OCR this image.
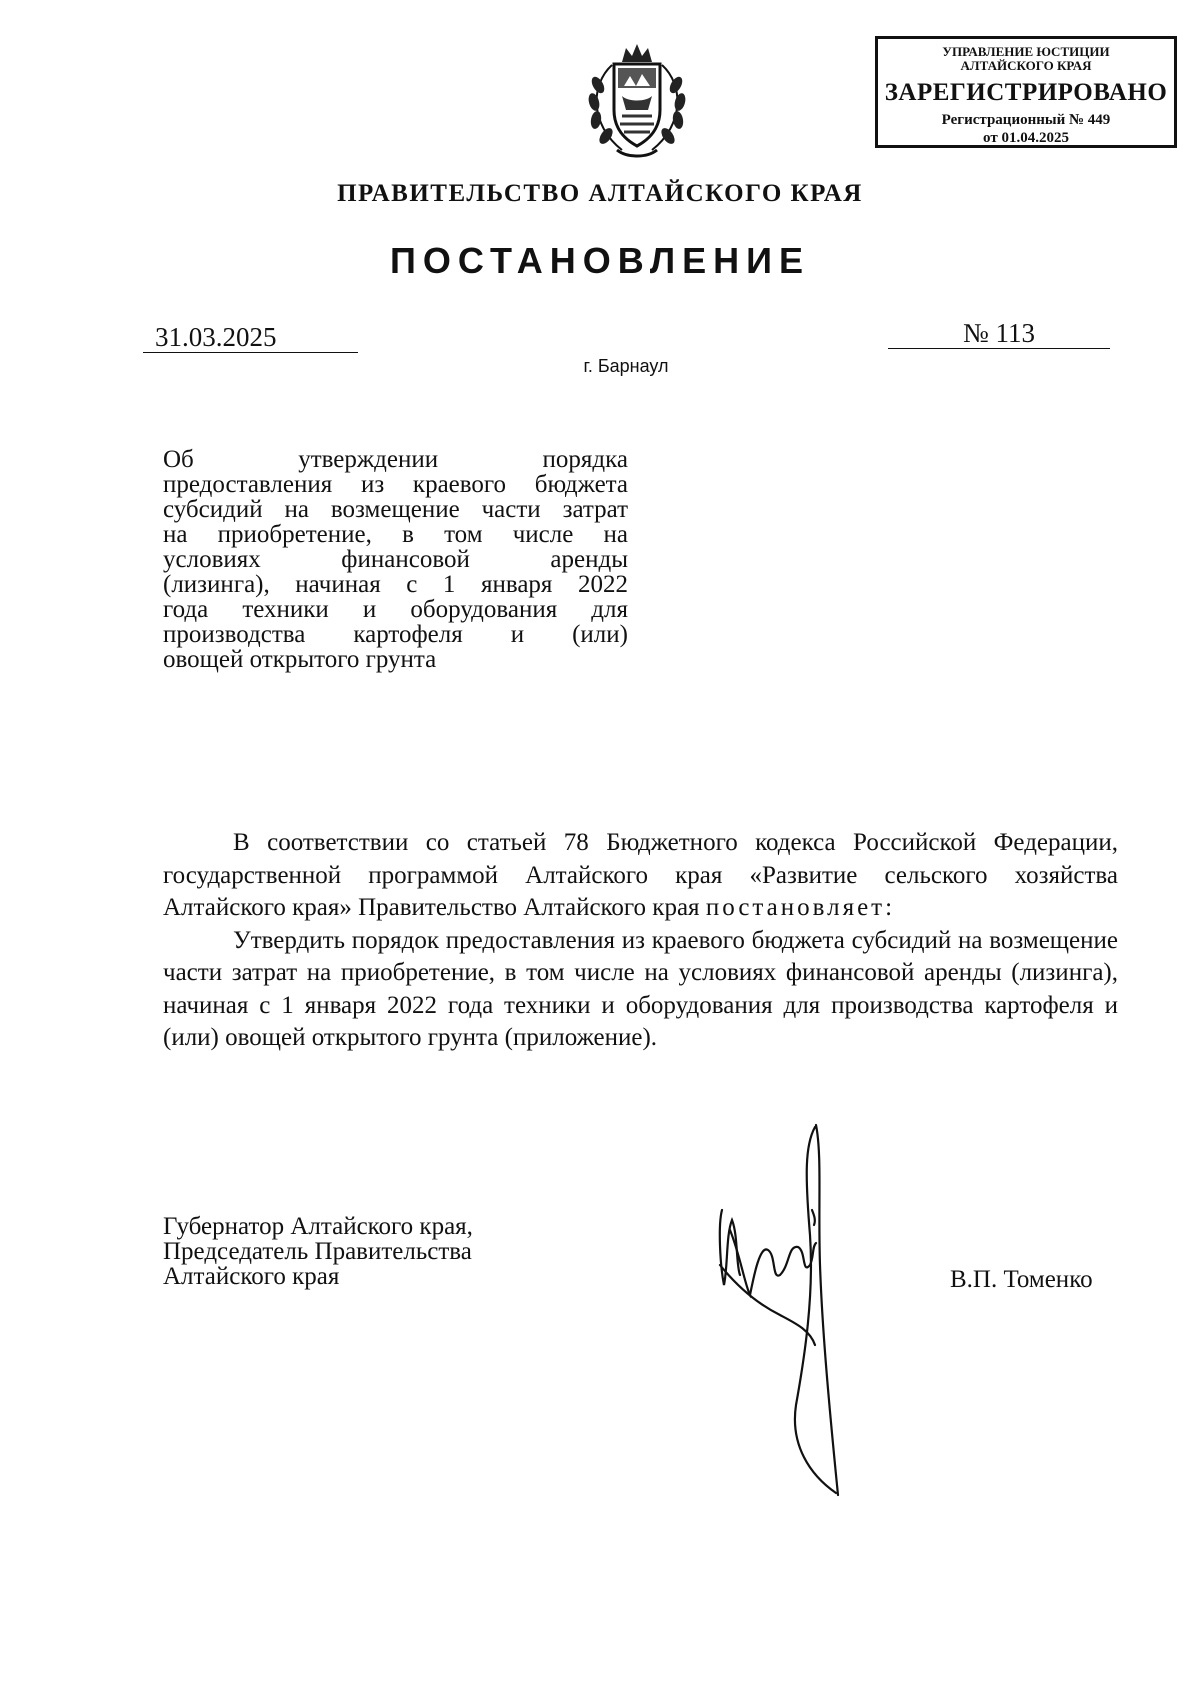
УПРАВЛЕНИЕ ЮСТИЦИИ
АЛТАЙСКОГО КРАЯ
ЗАРЕГИСТРИРОВАНО
Регистрационный № 449
от 01.04.2025
ПРАВИТЕЛЬСТВО АЛТАЙСКОГО КРАЯ
ПОСТАНОВЛЕНИЕ
31.03.2025	№ 113
г. Барнаул
Об утверждении порядка
предоставления из краевого бюджета
субсидий на возмещение части затрат
на приобретение, в том числе на
условиях финансовой аренды
(лизинга), начиная с 1 января 2022
года техники и оборудования для
производства картофеля и (или)
овощей открытого грунта

В соответствии со статьей 78 Бюджетного кодекса Российской Федерации, государственной программой Алтайского края «Развитие сельского хозяйства Алтайского края» Правительство Алтайского края постановляет:

Утвердить порядок предоставления из краевого бюджета субсидий на возмещение части затрат на приобретение, в том числе на условиях финансовой аренды (лизинга), начиная с 1 января 2022 года техники и оборудования для производства картофеля и (или) овощей открытого грунта (приложение).

Губернатор Алтайского края,
Председатель Правительства
Алтайского края	В.П. Томенко
